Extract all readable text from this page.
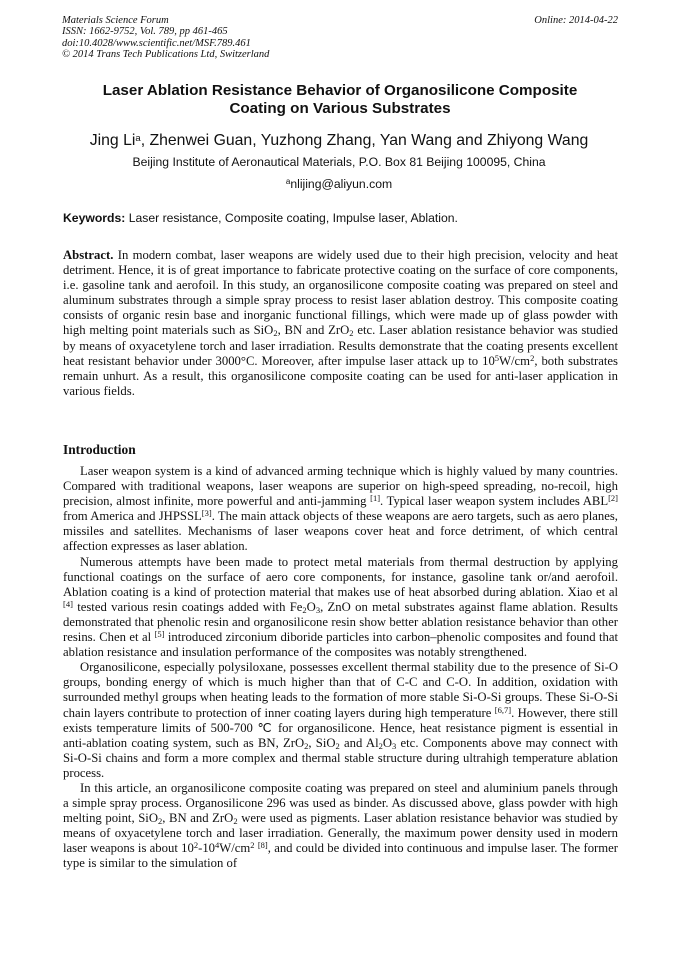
Materials Science Forum
ISSN: 1662-9752, Vol. 789, pp 461-465
doi:10.4028/www.scientific.net/MSF.789.461
© 2014 Trans Tech Publications Ltd, Switzerland
Online: 2014-04-22
Laser Ablation Resistance Behavior of Organosilicone Composite
Coating on Various Substrates
Jing Li$^a$, Zhenwei Guan, Yuzhong Zhang, Yan Wang and Zhiyong Wang
Beijing Institute of Aeronautical Materials, P.O. Box 81 Beijing 100095, China
$^a$nlijing@aliyun.com
Keywords: Laser resistance, Composite coating, Impulse laser, Ablation.
Abstract. In modern combat, laser weapons are widely used due to their high precision, velocity and heat detriment. Hence, it is of great importance to fabricate protective coating on the surface of core components, i.e. gasoline tank and aerofoil. In this study, an organosilicone composite coating was prepared on steel and aluminum substrates through a simple spray process to resist laser ablation destroy. This composite coating consists of organic resin base and inorganic functional fillings, which were made up of glass powder with high melting point materials such as SiO$_2$, BN and ZrO$_2$ etc. Laser ablation resistance behavior was studied by means of oxyacetylene torch and laser irradiation. Results demonstrate that the coating presents excellent heat resistant behavior under 3000°C. Moreover, after impulse laser attack up to $10^5W/cm^2$, both substrates remain unhurt. As a result, this organosilicone composite coating can be used for anti-laser application in various fields.
Introduction

Laser weapon system is a kind of advanced arming technique which is highly valued by many countries. Compared with traditional weapons, laser weapons are superior on high-speed spreading, no-recoil, high precision, almost infinite, more powerful and anti-jamming [1]. Typical laser weapon system includes ABL[2] from America and JHPSSL[3]. The main attack objects of these weapons are aero targets, such as aero planes, missiles and satellites. Mechanisms of laser weapons cover heat and force detriment, of which central affection expresses as laser ablation.

Numerous attempts have been made to protect metal materials from thermal destruction by applying functional coatings on the surface of aero core components, for instance, gasoline tank or/and aerofoil. Ablation coating is a kind of protection material that makes use of heat absorbed during ablation. Xiao et al [4] tested various resin coatings added with $Fe_2O_3$, ZnO on metal substrates against flame ablation. Results demonstrated that phenolic resin and organosilicone resin show better ablation resistance behavior than other resins. Chen et al [5] introduced zirconium diboride particles into carbon–phenolic composites and found that ablation resistance and insulation performance of the composites was notably strengthened.

Organosilicone, especially polysiloxane, possesses excellent thermal stability due to the presence of Si-O groups, bonding energy of which is much higher than that of C-C and C-O. In addition, oxidation with surrounded methyl groups when heating leads to the formation of more stable Si-O-Si groups. These Si-O-Si chain layers contribute to protection of inner coating layers during high temperature [6,7]. However, there still exists temperature limits of 500-700 ℃ for organosilicone. Hence, heat resistance pigment is essential in anti-ablation coating system, such as BN, ZrO$_2$, SiO$_2$ and $Al_2O_3$ etc. Components above may connect with Si-O-Si chains and form a more complex and thermal stable structure during ultrahigh temperature ablation process.

In this article, an organosilicone composite coating was prepared on steel and aluminium panels through a simple spray process. Organosilicone 296 was used as binder. As discussed above, glass powder with high melting point, SiO$_2$, BN and ZrO$_2$ were used as pigments. Laser ablation resistance behavior was studied by means of oxyacetylene torch and laser irradiation. Generally, the maximum power density used in modern laser weapons is about $10^2-10^4W/cm^2$ [8], and could be divided into continuous and impulse laser. The former type is similar to the simulation of
